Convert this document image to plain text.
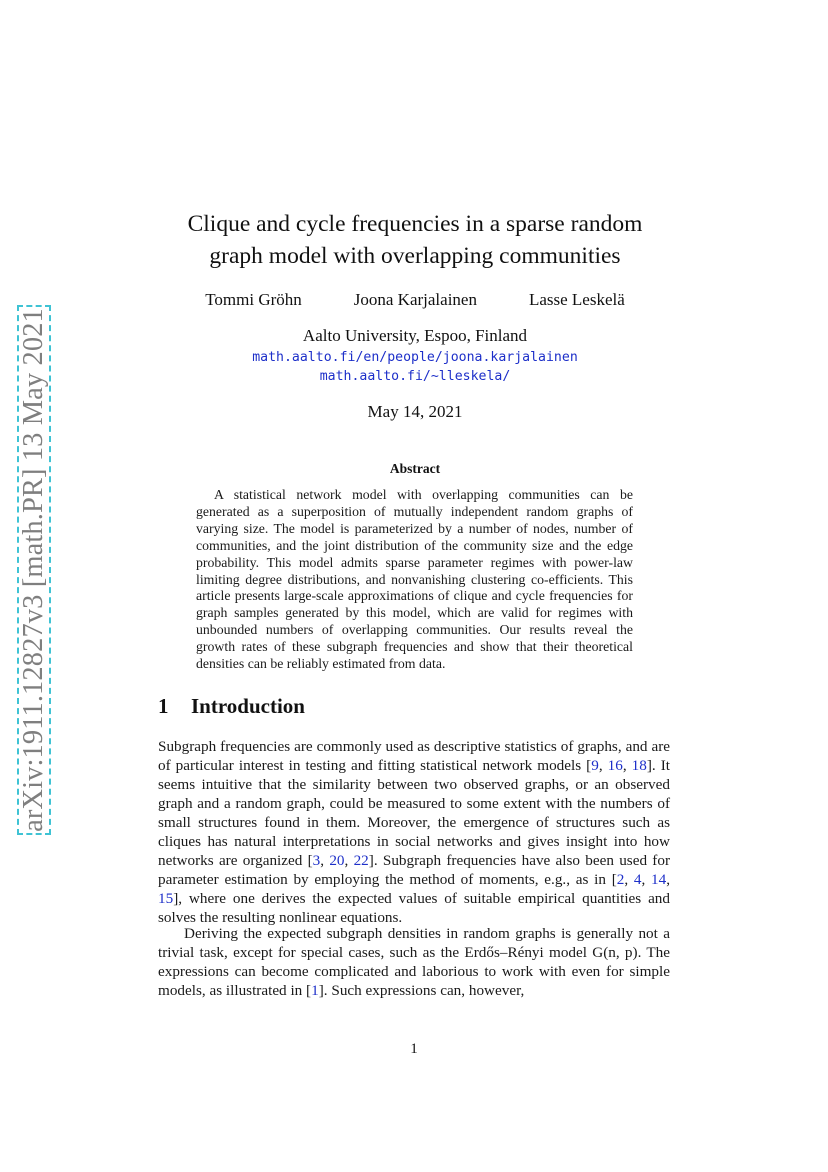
arXiv:1911.12827v3 [math.PR] 13 May 2021
Clique and cycle frequencies in a sparse random
graph model with overlapping communities
Tommi Gröhn	Joona Karjalainen	Lasse Leskelä
Aalto University, Espoo, Finland
math.aalto.fi/en/people/joona.karjalainen
math.aalto.fi/~lleskela/
May 14, 2021
Abstract

A statistical network model with overlapping communities can be generated as a superposition of mutually independent random graphs of varying size. The model is parameterized by a number of nodes, number of communities, and the joint distribution of the community size and the edge probability. This model admits sparse parameter regimes with power-law limiting degree distributions, and nonvanishing clustering co-efficients. This article presents large-scale approximations of clique and cycle frequencies for graph samples generated by this model, which are valid for regimes with unbounded numbers of overlapping communities. Our results reveal the growth rates of these subgraph frequencies and show that their theoretical densities can be reliably estimated from data.

1 Introduction

Subgraph frequencies are commonly used as descriptive statistics of graphs, and are of particular interest in testing and fitting statistical network models [9, 16, 18]. It seems intuitive that the similarity between two observed graphs, or an observed graph and a random graph, could be measured to some extent with the numbers of small structures found in them. Moreover, the emergence of structures such as cliques has natural interpretations in social networks and gives insight into how networks are organized [3, 20, 22]. Subgraph frequencies have also been used for parameter estimation by employing the method of moments, e.g., as in [2, 4, 14, 15], where one derives the expected values of suitable empirical quantities and solves the resulting nonlinear equations.

Deriving the expected subgraph densities in random graphs is generally not a trivial task, except for special cases, such as the Erdős–Rényi model G(n, p). The expressions can become complicated and laborious to work with even for simple models, as illustrated in [1]. Such expressions can, however,

1
